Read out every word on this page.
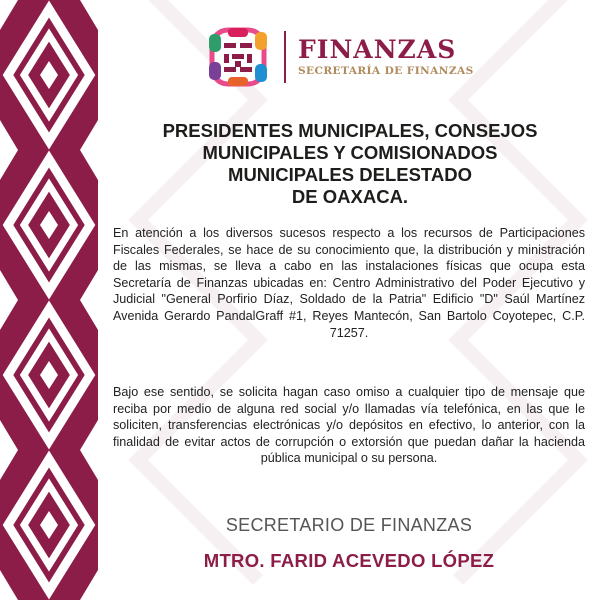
FINANZAS
SECRETARÍA DE FINANZAS
PRESIDENTES MUNICIPALES, CONSEJOS
MUNICIPALES Y COMISIONADOS
MUNICIPALES DELESTADO
DE OAXACA.

En atención a los diversos sucesos respecto a los recursos de Participaciones Fiscales Federales, se hace de su conocimiento que, la distribución y ministración de las mismas, se lleva a cabo en las instalaciones físicas que ocupa esta Secretaría de Finanzas ubicadas en: Centro Administrativo del Poder Ejecutivo y Judicial "General Porfirio Díaz, Soldado de la Patria" Edificio "D" Saúl Martínez Avenida Gerardo PandalGraff #1, Reyes Mantecón, San Bartolo Coyotepec, C.P. 71257.

Bajo ese sentido, se solicita hagan caso omiso a cualquier tipo de mensaje que reciba por medio de alguna red social y/o llamadas vía telefónica, en las que le soliciten, transferencias electrónicas y/o depósitos en efectivo, lo anterior, con la finalidad de evitar actos de corrupción o extorsión que puedan dañar la hacienda pública municipal o su persona.

SECRETARIO DE FINANZAS
MTRO. FARID ACEVEDO LÓPEZ
